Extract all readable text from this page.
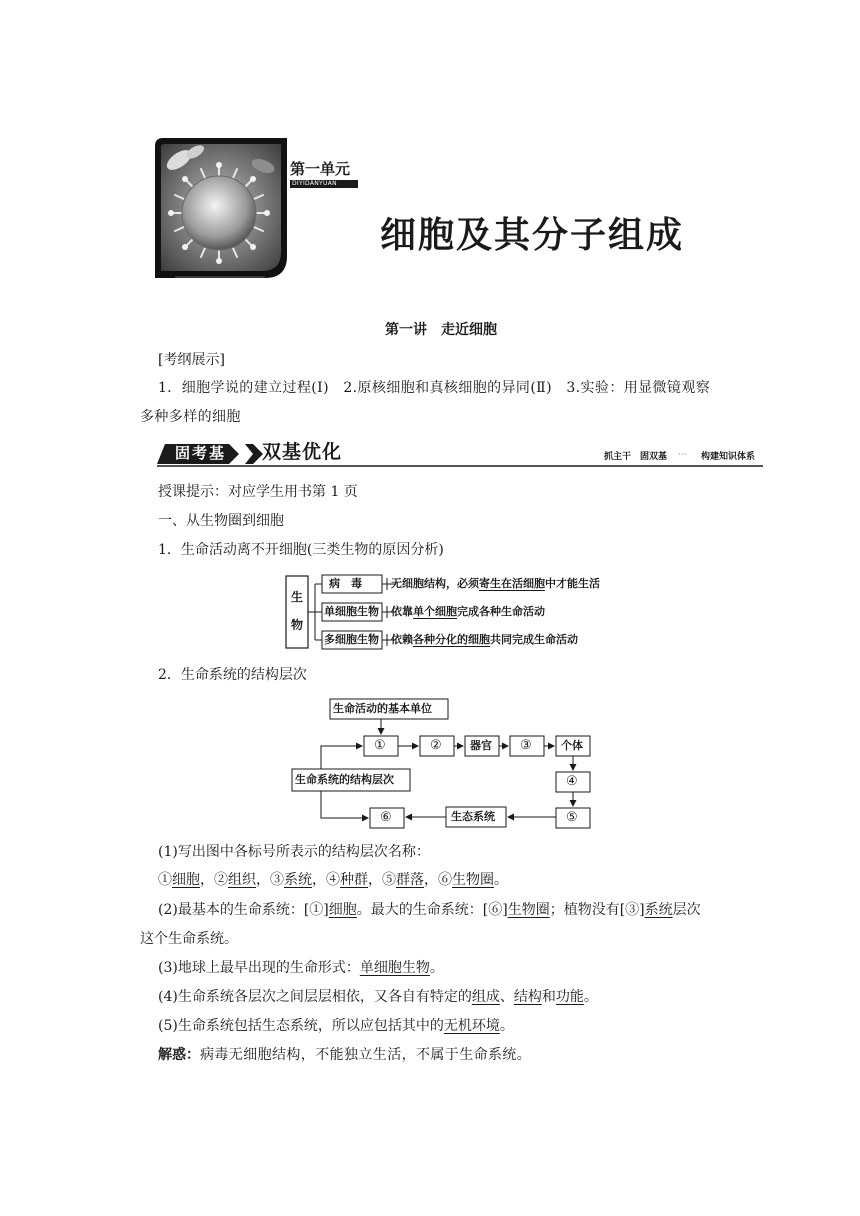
第一单元
DIYIDANYUAN
细胞及其分子组成
第一讲　走近细胞
[考纲展示]
1．细胞学说的建立过程(Ⅰ)　2.原核细胞和真核细胞的异同(Ⅱ)　3.实验：用显微镜观察
多种多样的细胞
固考基 双基优化	抓主干　固双基 ··· 构建知识体系
授课提示：对应学生用书第 1 页
一、从生物圈到细胞
1．生命活动离不开细胞(三类生物的原因分析)
生
物
病　毒
单细胞生物
多细胞生物
无细胞结构，必须寄生在活细胞中才能生活
依靠单个细胞完成各种生命活动
依赖各种分化的细胞共同完成生命活动
2．生命系统的结构层次
生命活动的基本单位
生命系统的结构层次
①	②	器官 ③	个体
④
⑤
生态系统
⑥
(1)写出图中各标号所表示的结构层次名称：
①细胞，②组织，③系统，④种群，⑤群落，⑥生物圈。
(2)最基本的生命系统：[①]细胞。最大的生命系统：[⑥]生物圈；植物没有[③]系统层次
这个生命系统。
(3)地球上最早出现的生命形式：单细胞生物。
(4)生命系统各层次之间层层相依，又各自有特定的组成、结构和功能。
(5)生命系统包括生态系统，所以应包括其中的无机环境。
解惑：病毒无细胞结构，不能独立生活，不属于生命系统。
